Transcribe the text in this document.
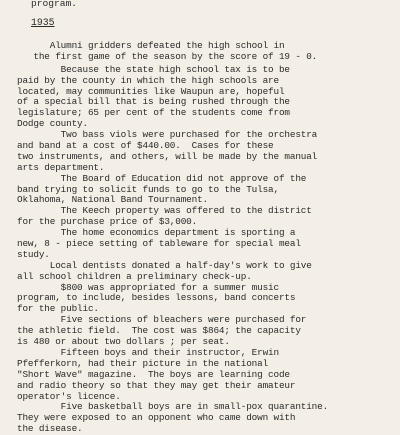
program.
1935
Alumni gridders defeated the high school in
the first game of the season by the score of 19 - 0.
Because the state high school tax is to be
paid by the county in which the high schools are
located, may communities like Waupun are, hopeful
of a special bill that is being rushed through the
legislature; 65 per cent of the students come from
Dodge county.
Two bass viols were purchased for the orchestra
and band at a cost of $440.00.  Cases for these
two instruments, and others, will be made by the manual
arts department.
The Board of Education did not approve of the
band trying to solicit funds to go to the Tulsa,
Oklahoma, National Band Tournament.
The Keech property was offered to the district
for the purchase price of $3,000.
The home economics department is sporting a
new, 8 - piece setting of tableware for special meal
study.
Local dentists donated a half-day's work to give
all school children a preliminary check-up.
$800 was appropriated for a summer music
program, to include, besides lessons, band concerts
for the public.
Five sections of bleachers were purchased for
the athletic field.  The cost was $864; the capacity
is 480 or about two dollars ; per seat.
Fifteen boys and their instructor, Erwin
Pfefferkorn, had their picture in the national
"Short Wave" magazine.  The boys are learning code
and radio theory so that they may get their amateur
operator's licence.
Five basketball boys are in small-pox quarantine.
They were exposed to an opponent who came down with
the disease.
